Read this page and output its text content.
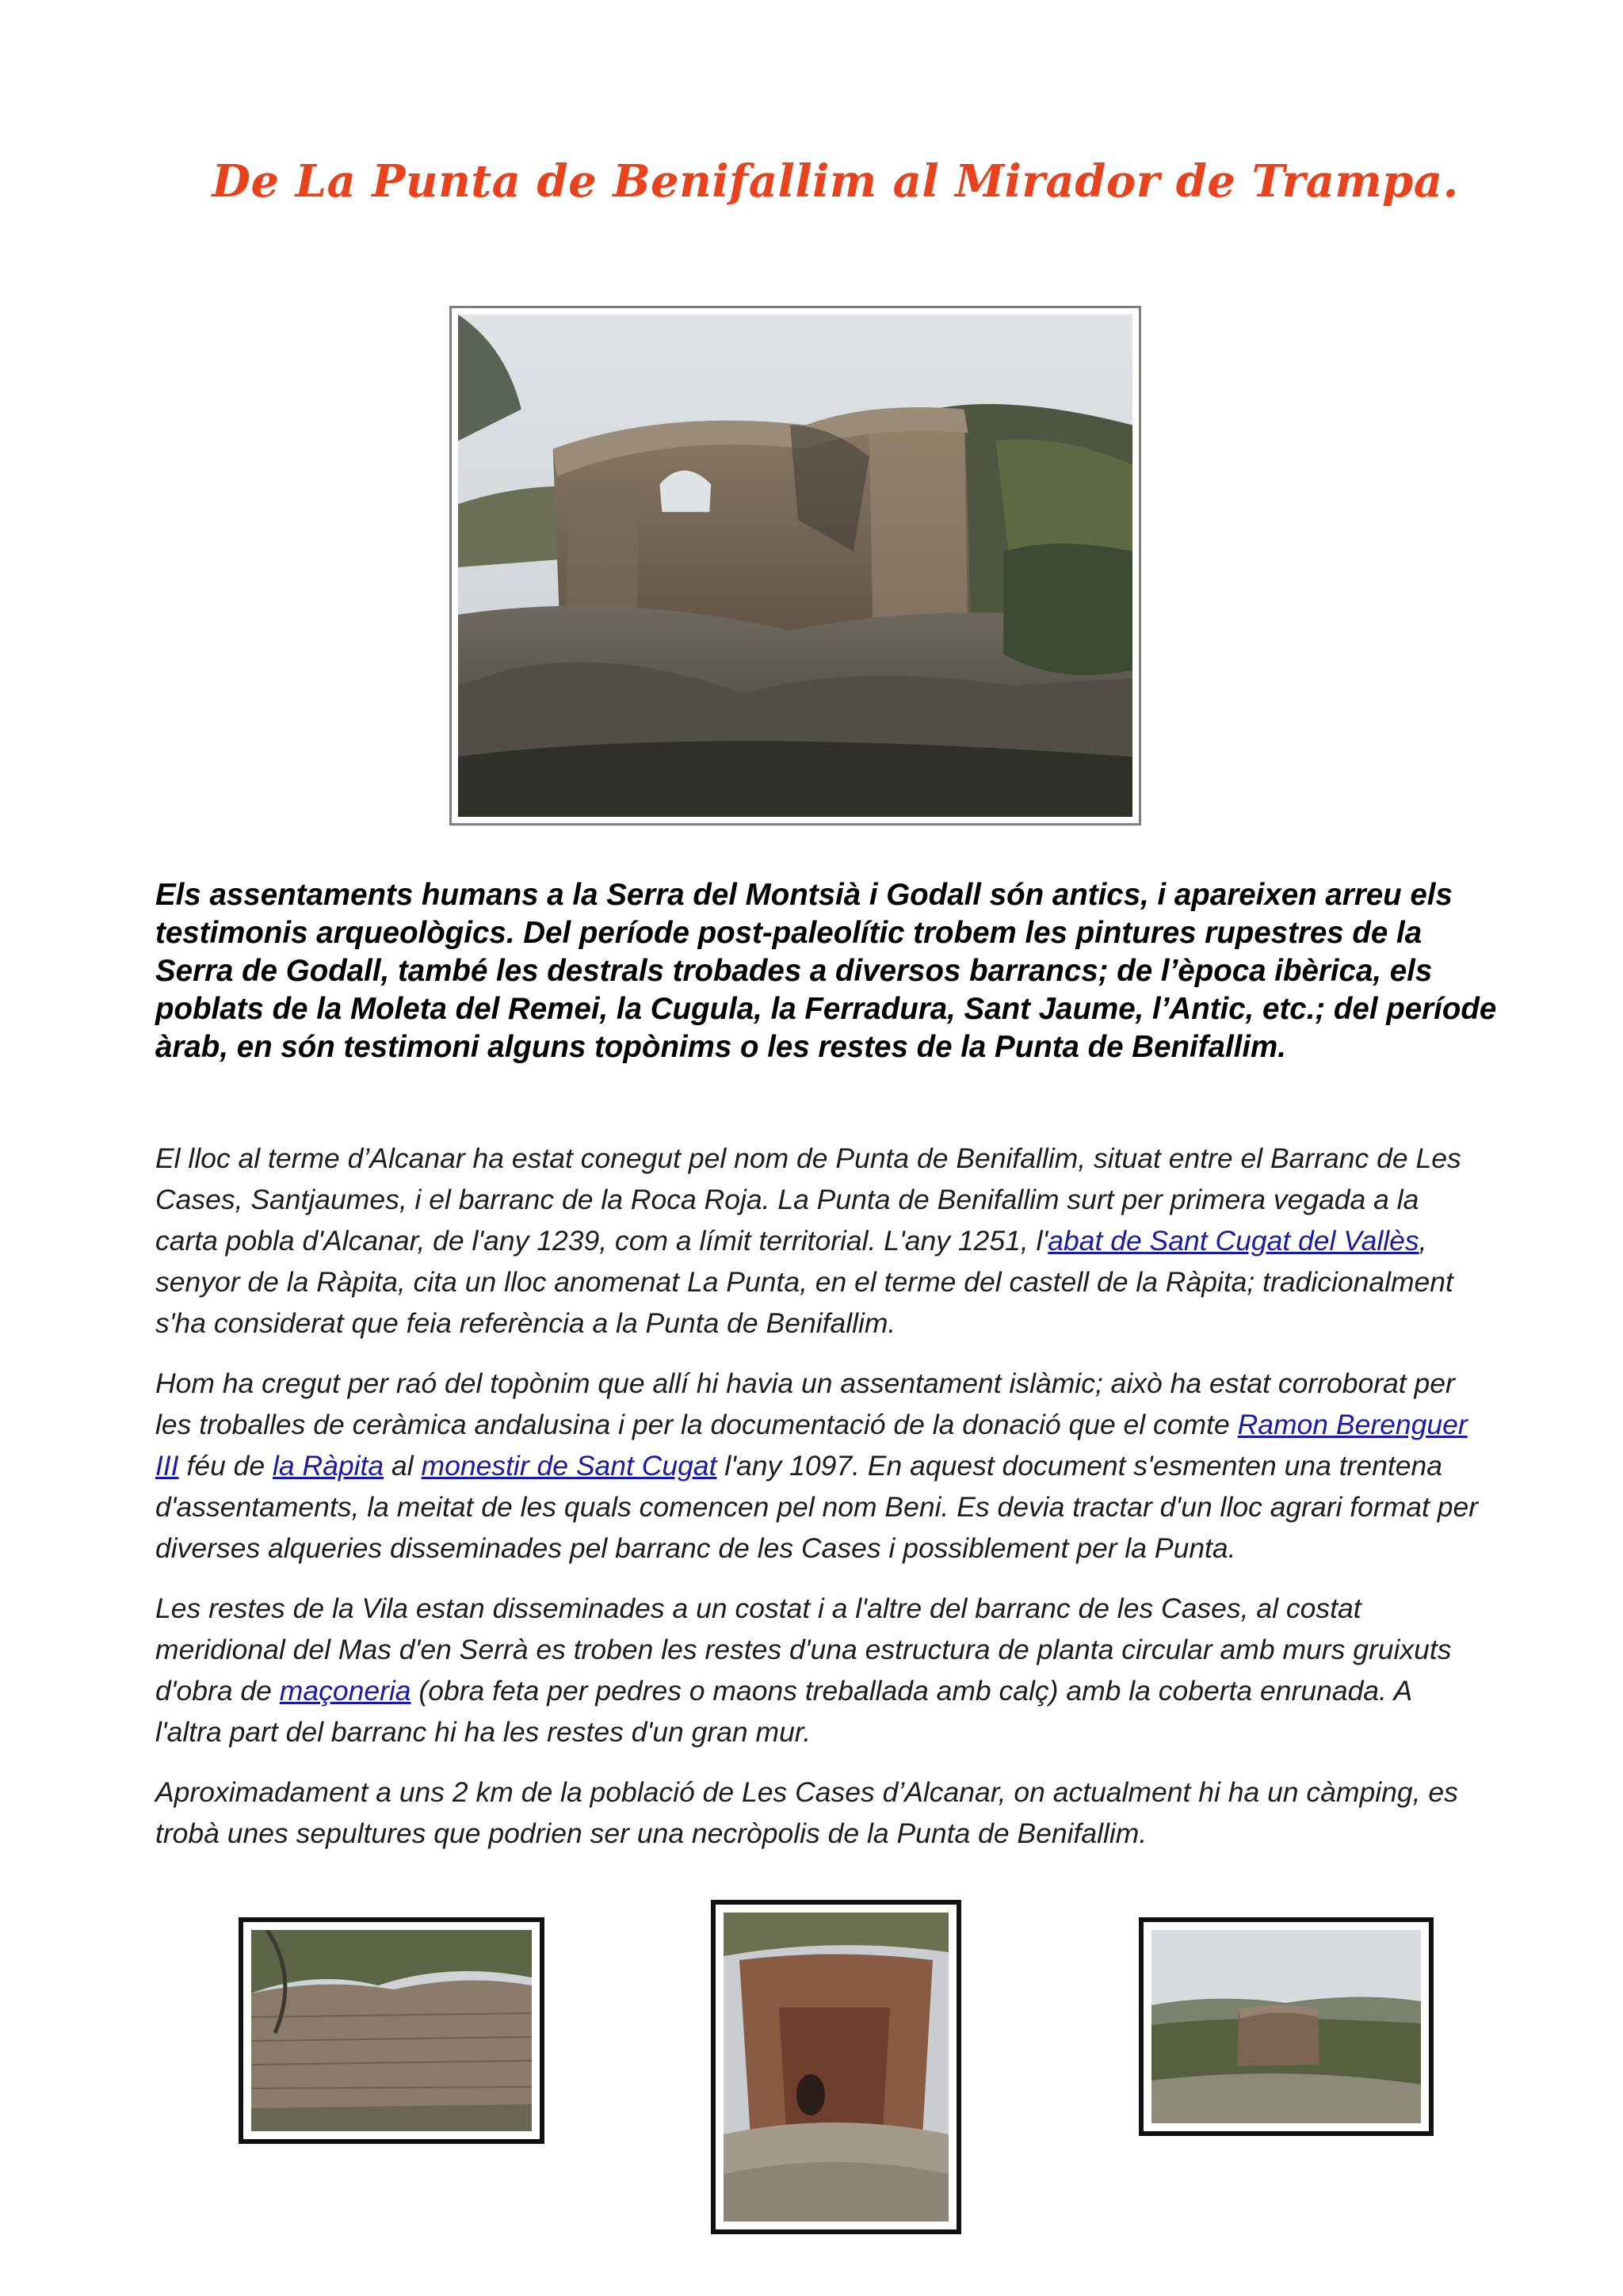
De La Punta de Benifallim al Mirador de Trampa.

Els assentaments humans a la Serra del Montsià i Godall són antics, i apareixen arreu els testimonis arqueològics. Del període post-paleolític trobem les pintures rupestres de la Serra de Godall, també les destrals trobades a diversos barrancs; de l’època ibèrica, els poblats de la Moleta del Remei, la Cugula, la Ferradura, Sant Jaume, l’Antic, etc.; del període àrab, en són testimoni alguns topònims o les restes de la Punta de Benifallim.

El lloc al terme d’Alcanar ha estat conegut pel nom de Punta de Benifallim, situat entre el Barranc de Les Cases, Santjaumes, i el barranc de la Roca Roja. La Punta de Benifallim surt per primera vegada a la carta pobla d'Alcanar, de l'any 1239, com a límit territorial. L'any 1251, l'abat de Sant Cugat del Vallès, senyor de la Ràpita, cita un lloc anomenat La Punta, en el terme del castell de la Ràpita; tradicionalment s'ha considerat que feia referència a la Punta de Benifallim.

Hom ha cregut per raó del topònim que allí hi havia un assentament islàmic; això ha estat corroborat per les troballes de ceràmica andalusina i per la documentació de la donació que el comte Ramon Berenguer III féu de la Ràpita al monestir de Sant Cugat l'any 1097. En aquest document s'esmenten una trentena d'assentaments, la meitat de les quals comencen pel nom Beni. Es devia tractar d'un lloc agrari format per diverses alqueries disseminades pel barranc de les Cases i possiblement per la Punta.

Les restes de la Vila estan disseminades a un costat i a l'altre del barranc de les Cases, al costat meridional del Mas d'en Serrà es troben les restes d'una estructura de planta circular amb murs gruixuts d'obra de maçoneria (obra feta per pedres o maons treballada amb calç) amb la coberta enrunada. A l'altra part del barranc hi ha les restes d'un gran mur.

Aproximadament a uns 2 km de la població de Les Cases d’Alcanar, on actualment hi ha un càmping, es trobà unes sepultures que podrien ser una necròpolis de la Punta de Benifallim.
